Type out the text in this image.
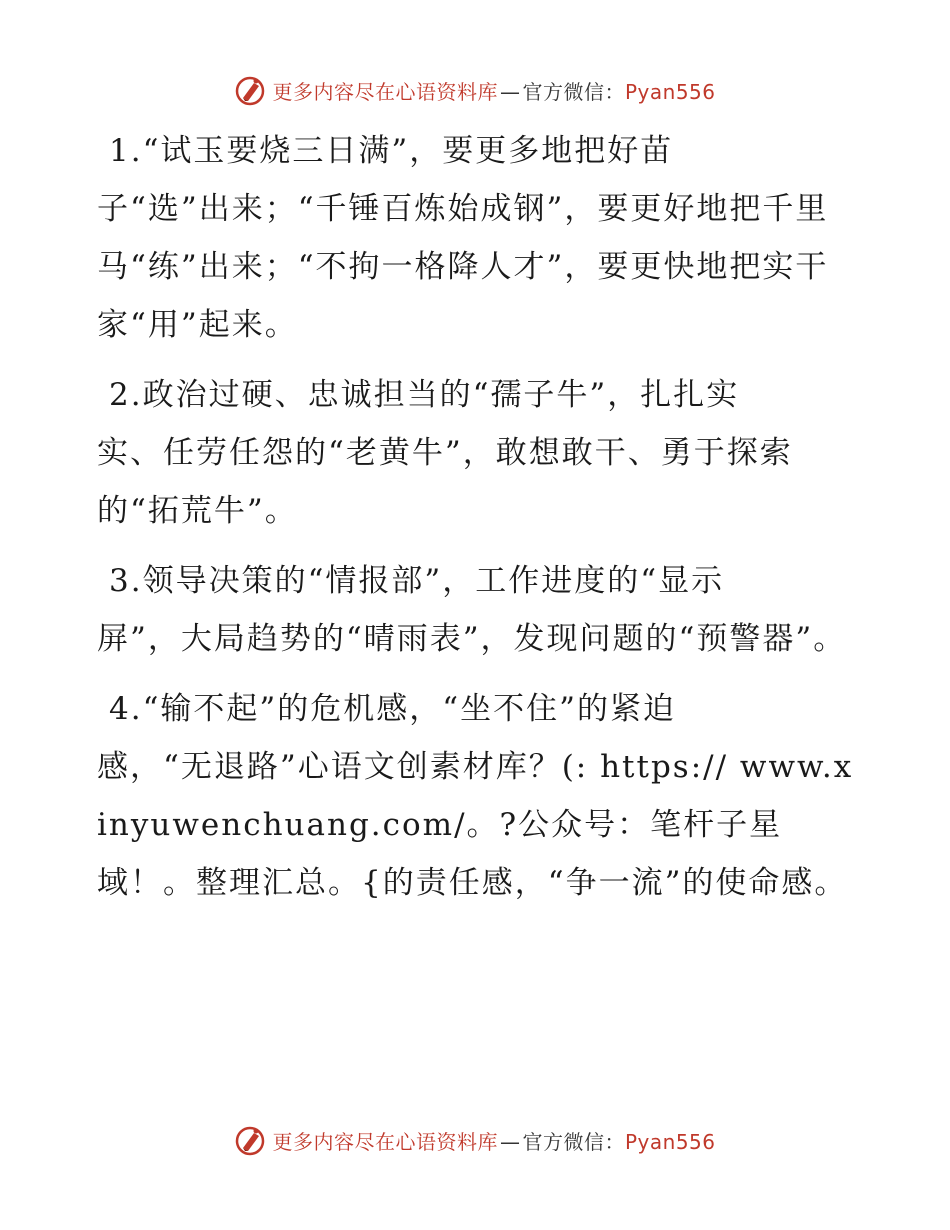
更多内容尽在心语资料库 — 官方微信：Pyan556

1.“试玉要烧三日满”，要更多地把好苗
子“选”出来；“千锤百炼始成钢”，要更好地把千里马“练”出来；“不拘一格降人才”，要更快地把实干家“用”起来。

2.政治过硬、忠诚担当的“孺子牛”，扎扎实
实、任劳任怨的“老黄牛”，敢想敢干、勇于探索的“拓荒牛”。

3.领导决策的“情报部”，工作进度的“显示
屏”，大局趋势的“晴雨表”，发现问题的“预警器”。

4.“输不起”的危机感，“坐不住”的紧迫
感，“无退路”心语文创素材库？(: https:// www.xinyuwenchuang.com/。?公众号：笔杆子星域！。整理汇总。{的责任感，“争一流”的使命感。

更多内容尽在心语资料库 — 官方微信：Pyan556
